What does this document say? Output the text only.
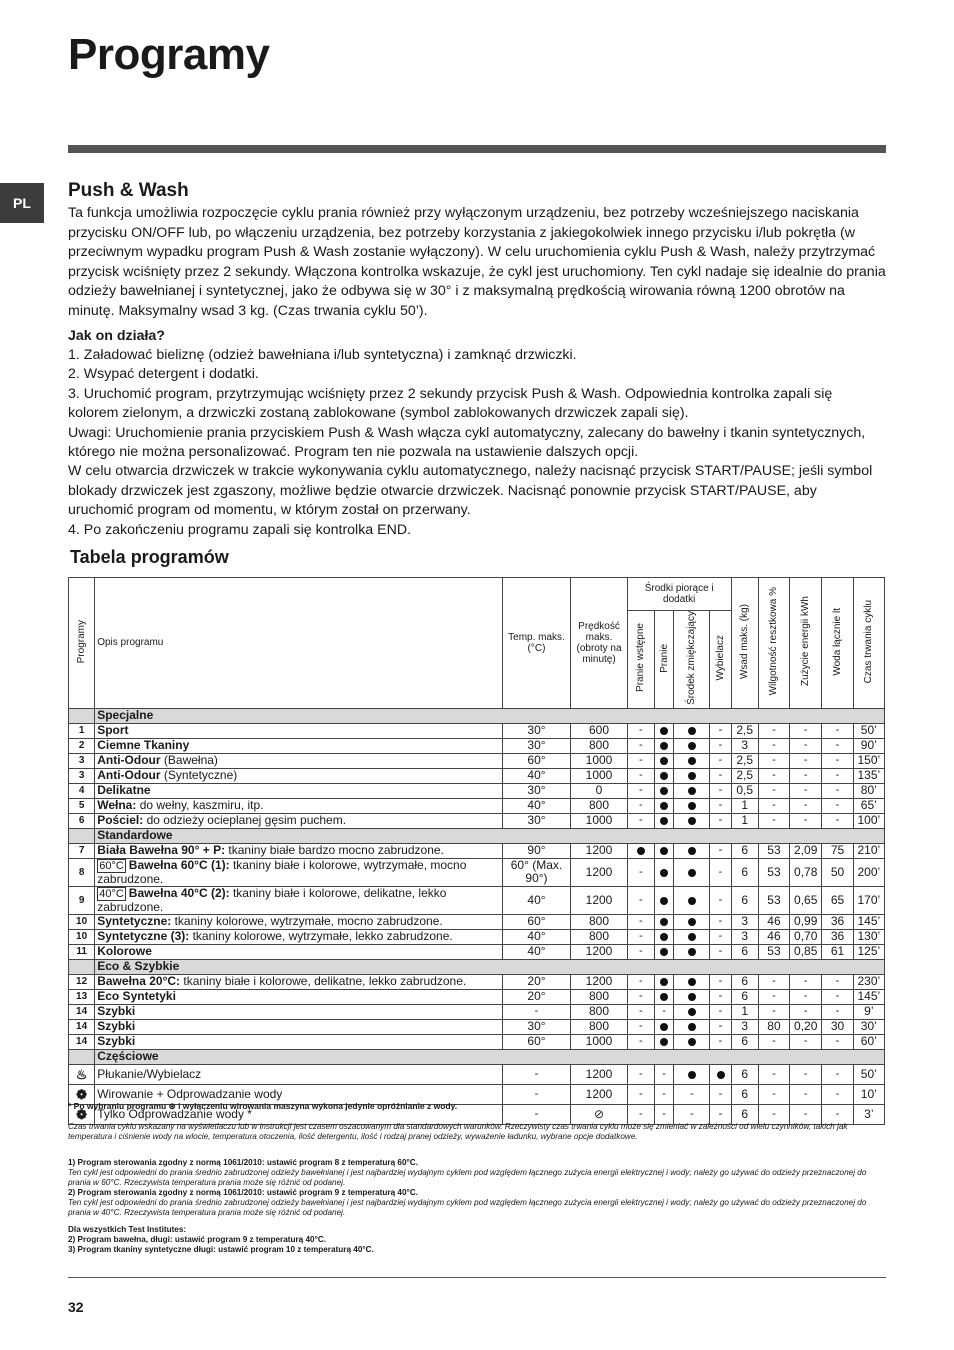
Programy
PL
Push & Wash

Ta funkcja umożliwia rozpoczęcie cyklu prania również przy wyłączonym urządzeniu, bez potrzeby wcześniejszego naciskania przycisku ON/OFF lub, po włączeniu urządzenia, bez potrzeby korzystania z jakiegokolwiek innego przycisku i/lub pokrętła (w przeciwnym wypadku program Push & Wash zostanie wyłączony). W celu uruchomienia cyklu Push & Wash, należy przytrzymać przycisk wciśnięty przez 2 sekundy. Włączona kontrolka wskazuje, że cykl jest uruchomiony. Ten cykl nadaje się idealnie do prania odzieży bawełnianej i syntetycznej, jako że odbywa się w 30° i z maksymalną prędkością wirowania równą 1200 obrotów na minutę. Maksymalny wsad 3 kg. (Czas trwania cyklu 50’).

Jak on działa?

1. Załadować bieliznę (odzież bawełniana i/lub syntetyczna) i zamknąć drzwiczki.

2. Wsypać detergent i dodatki.

3. Uruchomić program, przytrzymując wciśnięty przez 2 sekundy przycisk Push & Wash. Odpowiednia kontrolka zapali się kolorem zielonym, a drzwiczki zostaną zablokowane (symbol zablokowanych drzwiczek zapali się).

Uwagi: Uruchomienie prania przyciskiem Push & Wash włącza cykl automatyczny, zalecany do bawełny i tkanin syntetycznych, którego nie można personalizować. Program ten nie pozwala na ustawienie dalszych opcji.

W celu otwarcia drzwiczek w trakcie wykonywania cyklu automatycznego, należy nacisnąć przycisk START/PAUSE; jeśli symbol blokady drzwiczek jest zgaszony, możliwe będzie otwarcie drzwiczek. Nacisnąć ponownie przycisk START/PAUSE, aby uruchomić program od momentu, w którym został on przerwany.

4. Po zakończeniu programu zapali się kontrolka END.

Tabela programów
Programy	Opis programu	Temp. maks. (°C)	Prędkość maks. (obroty na minutę)	Środki piorące i dodatki				Wsad maks. (kg)	Wilgotność resztkowa %	Zużycie energii kWh	Woda łącznie lt	Czas trwania cyklu
				Pranie wstępne	Pranie	Środek zmiękczający	Wybielacz					
	Specjalne											
1	Sport	30°	600	-			-	2,5	-	-	-	50’
2	Ciemne Tkaniny	30°	800	-			-	3	-	-	-	90’
3	Anti-Odour (Bawełna)	60°	1000	-			-	2,5	-	-	-	150’
3	Anti-Odour (Syntetyczne)	40°	1000	-			-	2,5	-	-	-	135’
4	Delikatne	30°	0	-			-	0,5	-	-	-	80’
5	Wełna: do wełny, kaszmiru, itp.	40°	800	-			-	1	-	-	-	65’
6	Pościel: do odzieży ocieplanej gęsim puchem.	30°	1000	-			-	1	-	-	-	100’
	Standardowe											
7	Biała Bawełna 90° + P: tkaniny białe bardzo mocno zabrudzone.	90°	1200				-	6	53	2,09	75	210’
8	60°C Bawełna 60°C (1): tkaniny białe i kolorowe, wytrzymałe, mocno zabrudzone.	60° (Max. 90°)	1200	-			-	6	53	0,78	50	200’
9	40°C Bawełna 40°C (2): tkaniny białe i kolorowe, delikatne, lekko zabrudzone.	40°	1200	-			-	6	53	0,65	65	170’
10	Syntetyczne: tkaniny kolorowe, wytrzymałe, mocno zabrudzone.	60°	800	-			-	3	46	0,99	36	145’
10	Syntetyczne (3): tkaniny kolorowe, wytrzymałe, lekko zabrudzone.	40°	800	-			-	3	46	0,70	36	130’
11	Kolorowe	40°	1200	-			-	6	53	0,85	61	125’
	Eco & Szybkie											
12	Bawełna 20°C: tkaniny białe i kolorowe, delikatne, lekko zabrudzone.	20°	1200	-			-	6	-	-	-	230’
13	Eco Syntetyki	20°	800	-			-	6	-	-	-	145’
14	Szybki	-	800	-	-		-	1	-	-	-	9’
14	Szybki	30°	800	-			-	3	80	0,20	30	30’
14	Szybki	60°	1000	-			-	6	-	-	-	60’
	Częściowe											
♨	Płukanie/Wybielacz	-	1200	-	-			6	-	-	-	50’
❁	Wirowanie + Odprowadzanie wody	-	1200	-	-	-	-	6	-	-	-	10’
❁	Tylko Odprowadzanie wody *	-	⊘	-	-	-	-	6	-	-	-	3’

* Po wybraniu programu ⊛ i wyłączeniu wirowania maszyna wykona jedynie opróżnianie z wody.

Czas trwania cyklu wskazany na wyświetlaczu lub w instrukcji jest czasem oszacowanym dla standardowych warunków. Rzeczywisty czas trwania cyklu może się zmieniać w zależności od wielu czynników, takich jak temperatura i ciśnienie wody na wlocie, temperatura otoczenia, ilość detergentu, ilość i rodzaj pranej odzieży, wyważenie ładunku, wybrane opcje dodatkowe.

1) Program sterowania zgodny z normą 1061/2010: ustawić program 8 z temperaturą 60°C.

Ten cykl jest odpowiedni do prania średnio zabrudzonej odzieży bawełnianej i jest najbardziej wydajnym cyklem pod względem łącznego zużycia energii elektrycznej i wody; należy go używać do odzieży przeznaczonej do prania w 60°C. Rzeczywista temperatura prania może się różnić od podanej.

2) Program sterowania zgodny z normą 1061/2010: ustawić program 9 z temperaturą 40°C.

Ten cykl jest odpowiedni do prania średnio zabrudzonej odzieży bawełnianej i jest najbardziej wydajnym cyklem pod względem łącznego zużycia energii elektrycznej i wody; należy go używać do odzieży przeznaczonej do prania w 40°C. Rzeczywista temperatura prania może się różnić od podanej.

Dla wszystkich Test Institutes:

2) Program bawełna, długi: ustawić program 9 z temperaturą 40°C.

3) Program tkaniny syntetyczne długi: ustawić program 10 z temperaturą 40°C.

32
